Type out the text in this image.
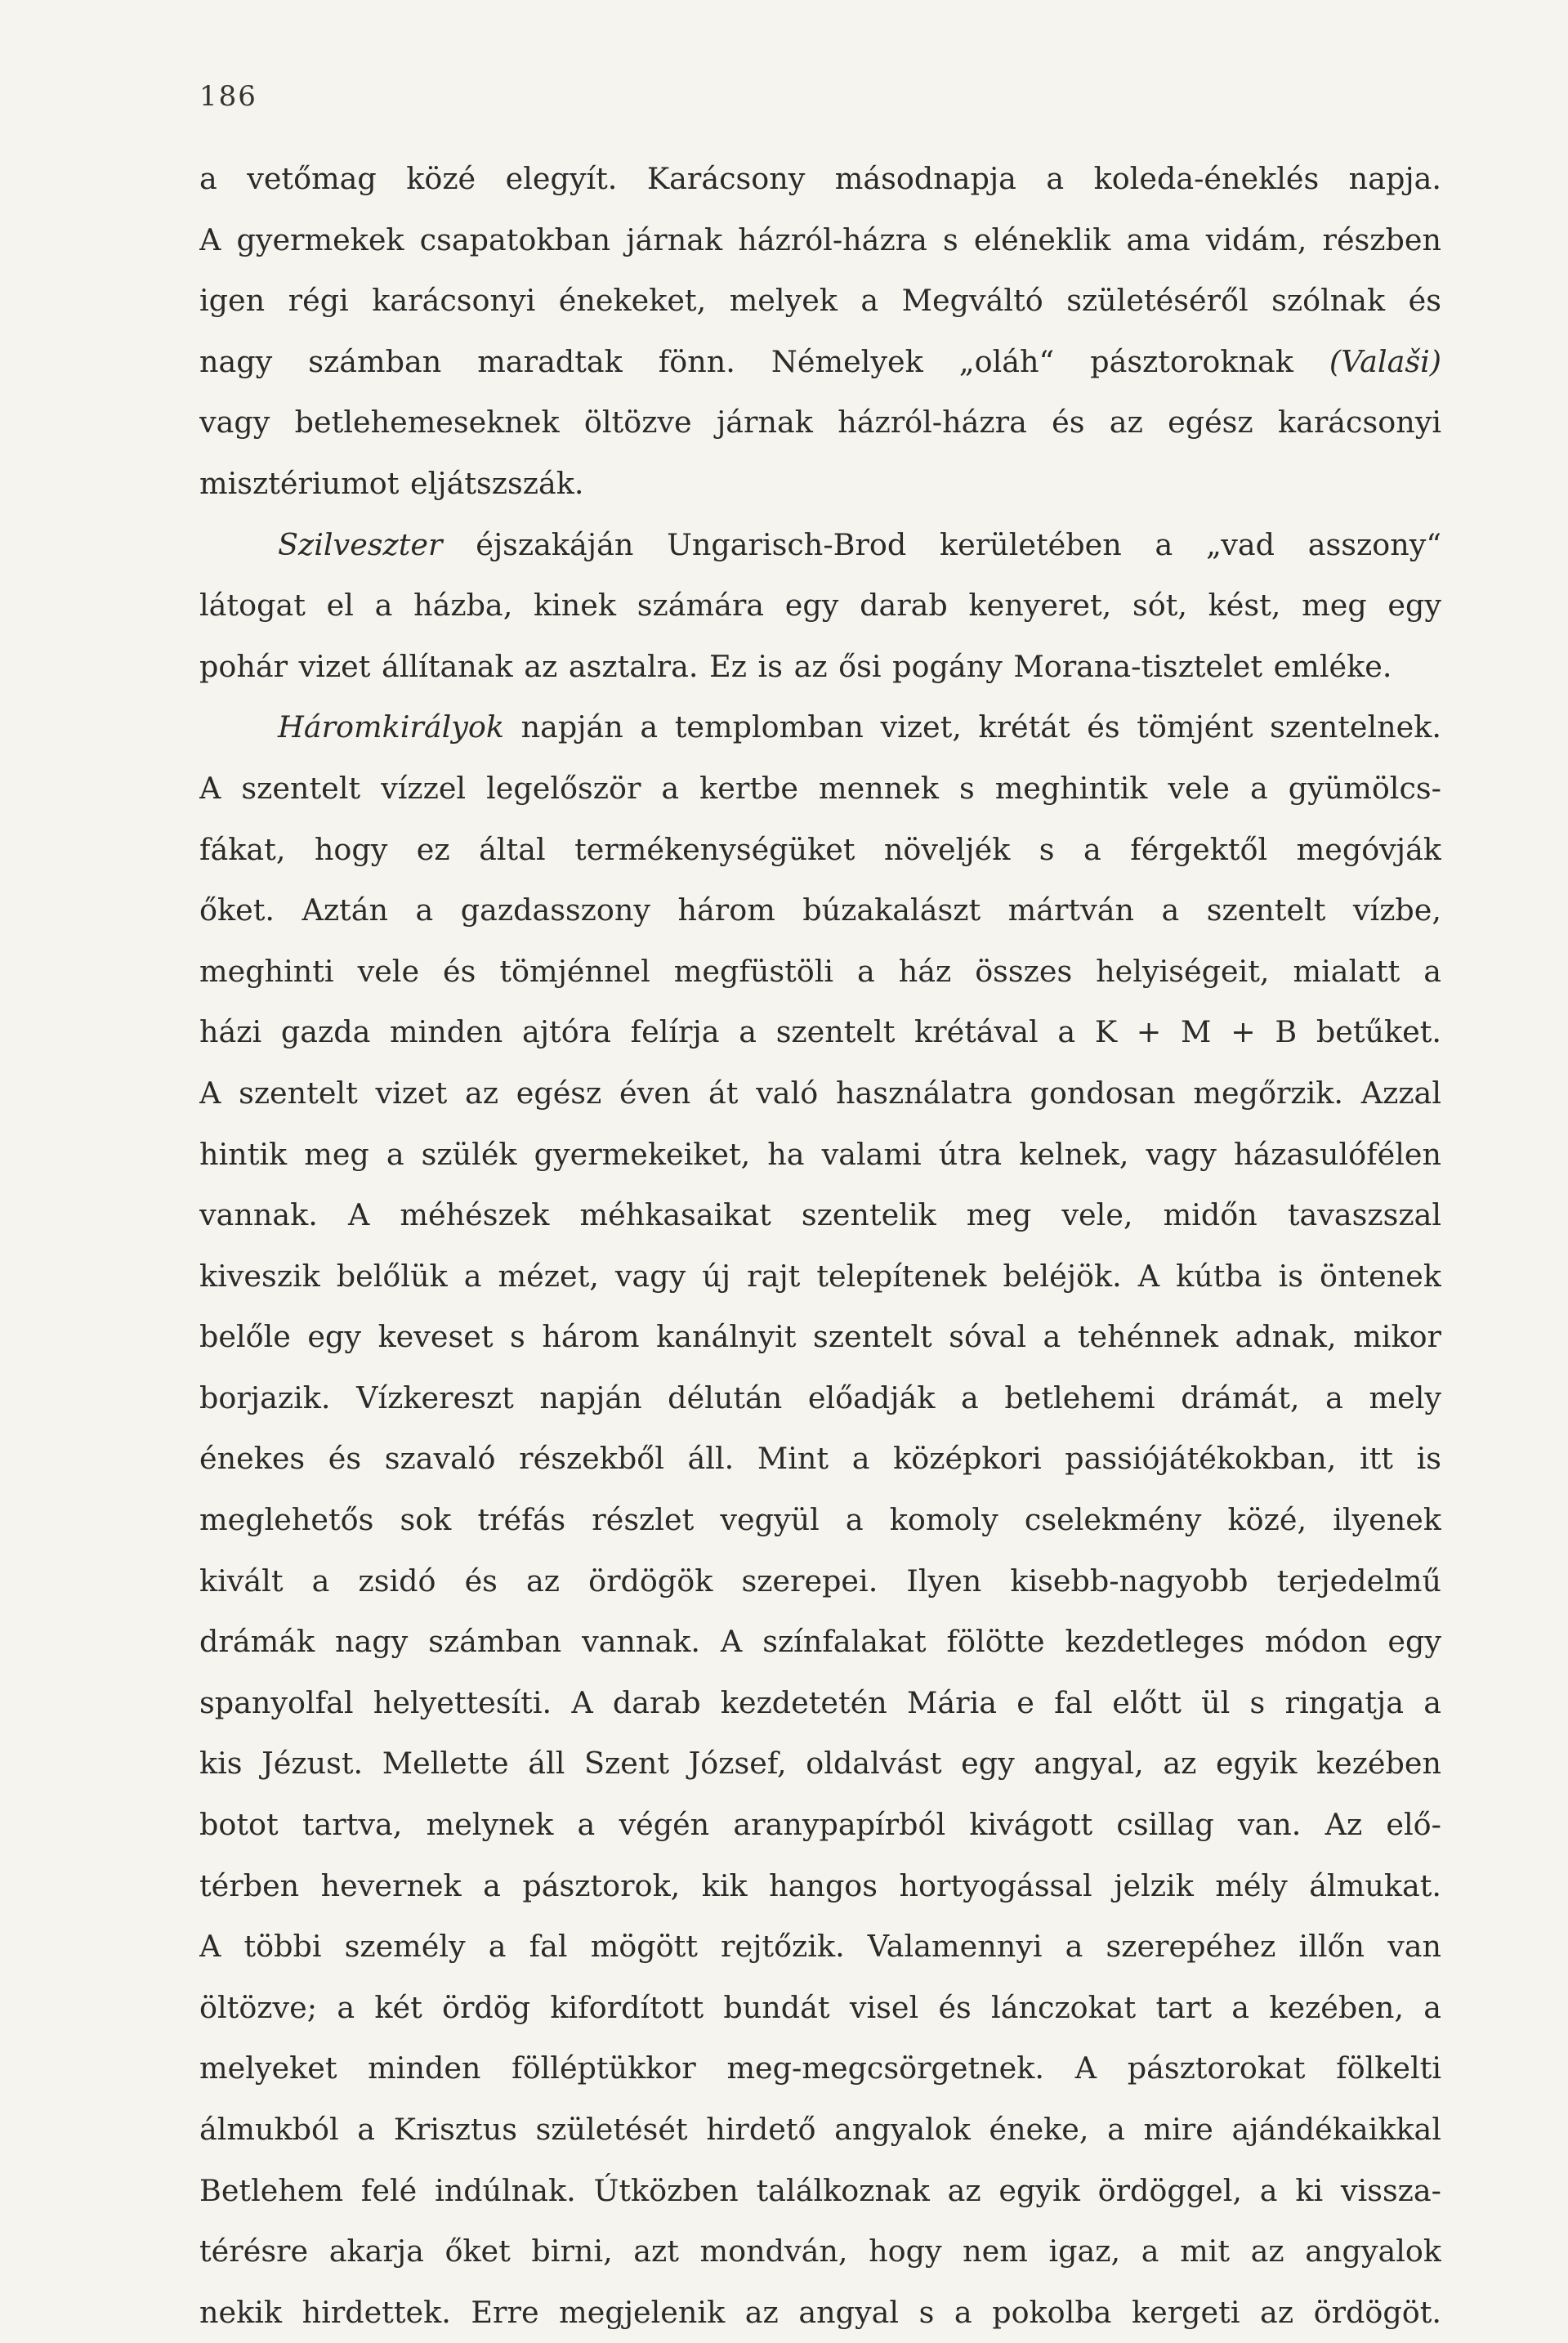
186
a vetőmag közé elegyít. Karácsony másodnapja a koleda-éneklés napja.
A gyermekek csapatokban járnak házról-házra s eléneklik ama vidám, részben
igen régi karácsonyi énekeket, melyek a Megváltó születéséről szólnak és
nagy számban maradtak fönn. Némelyek „oláh“ pásztoroknak (Valaši)
vagy betlehemeseknek öltözve járnak házról-házra és az egész karácsonyi
misztériumot eljátszszák.
Szilveszter éjszakáján Ungarisch-Brod kerületében a „vad asszony“
látogat el a házba, kinek számára egy darab kenyeret, sót, kést, meg egy
pohár vizet állítanak az asztalra. Ez is az ősi pogány Morana-tisztelet emléke.
Háromkirályok napján a templomban vizet, krétát és tömjént szentelnek.
A szentelt vízzel legelőször a kertbe mennek s meghintik vele a gyümölcs-
fákat, hogy ez által termékenységüket növeljék s a férgektől megóvják
őket. Aztán a gazdasszony három búzakalászt mártván a szentelt vízbe,
meghinti vele és tömjénnel megfüstöli a ház összes helyiségeit, mialatt a
házi gazda minden ajtóra felírja a szentelt krétával a K + M + B betűket.
A szentelt vizet az egész éven át való használatra gondosan megőrzik. Azzal
hintik meg a szülék gyermekeiket, ha valami útra kelnek, vagy házasulófélen
vannak. A méhészek méhkasaikat szentelik meg vele, midőn tavaszszal
kiveszik belőlük a mézet, vagy új rajt telepítenek beléjök. A kútba is öntenek
belőle egy keveset s három kanálnyit szentelt sóval a tehénnek adnak, mikor
borjazik. Vízkereszt napján délután előadják a betlehemi drámát, a mely
énekes és szavaló részekből áll. Mint a középkori passiójátékokban, itt is
meglehetős sok tréfás részlet vegyül a komoly cselekmény közé, ilyenek
kivált a zsidó és az ördögök szerepei. Ilyen kisebb-nagyobb terjedelmű
drámák nagy számban vannak. A színfalakat fölötte kezdetleges módon egy
spanyolfal helyettesíti. A darab kezdetetén Mária e fal előtt ül s ringatja a
kis Jézust. Mellette áll Szent József, oldalvást egy angyal, az egyik kezében
botot tartva, melynek a végén aranypapírból kivágott csillag van. Az elő-
térben hevernek a pásztorok, kik hangos hortyogással jelzik mély álmukat.
A többi személy a fal mögött rejtőzik. Valamennyi a szerepéhez illőn van
öltözve; a két ördög kifordított bundát visel és lánczokat tart a kezében, a
melyeket minden fölléptükkor meg-megcsörgetnek. A pásztorokat fölkelti
álmukból a Krisztus születését hirdető angyalok éneke, a mire ajándékaikkal
Betlehem felé indúlnak. Útközben találkoznak az egyik ördöggel, a ki vissza-
térésre akarja őket birni, azt mondván, hogy nem igaz, a mit az angyalok
nekik hirdettek. Erre megjelenik az angyal s a pokolba kergeti az ördögöt.
